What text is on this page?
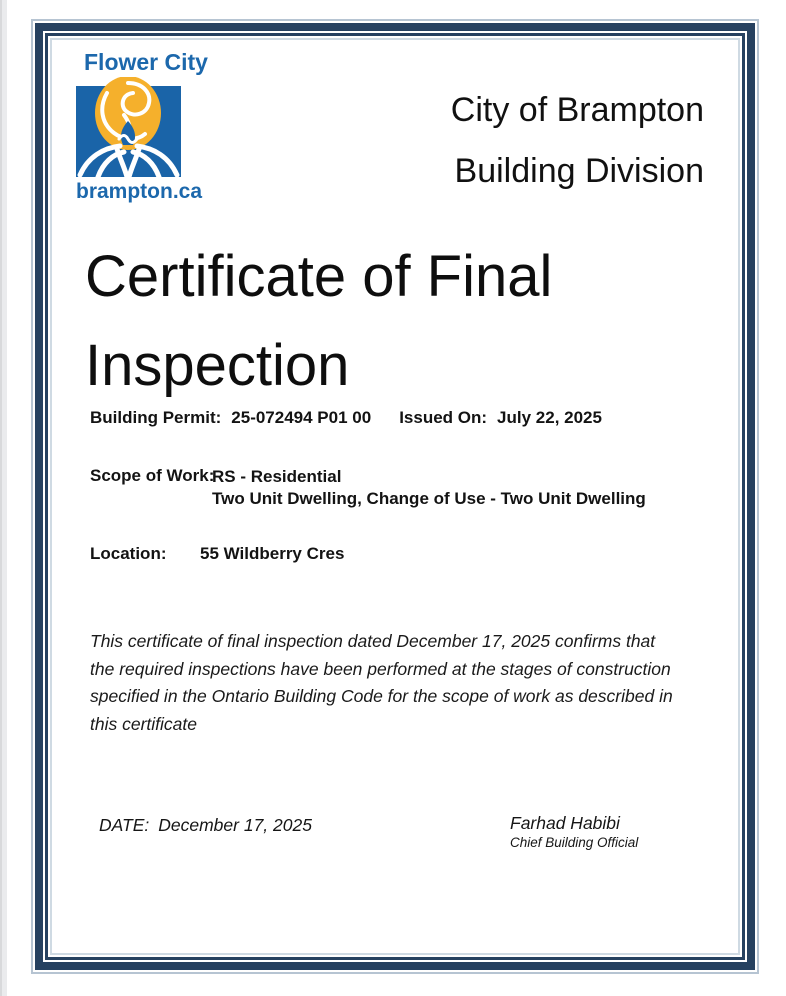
Flower City
brampton.ca
City of Brampton
Building Division
Certificate of Final
Inspection
Building Permit: 25-072494 P01 00 Issued On: July 22, 2025
Scope of Work:
RS - Residential
Two Unit Dwelling, Change of Use - Two Unit Dwelling
Location:	55 Wildberry Cres
This certificate of final inspection dated December 17, 2025 confirms that
the required inspections have been performed at the stages of construction
specified in the Ontario Building Code for the scope of work as described in
this certificate
DATE: December 17, 2025	Farhad Habibi
Chief Building Official
